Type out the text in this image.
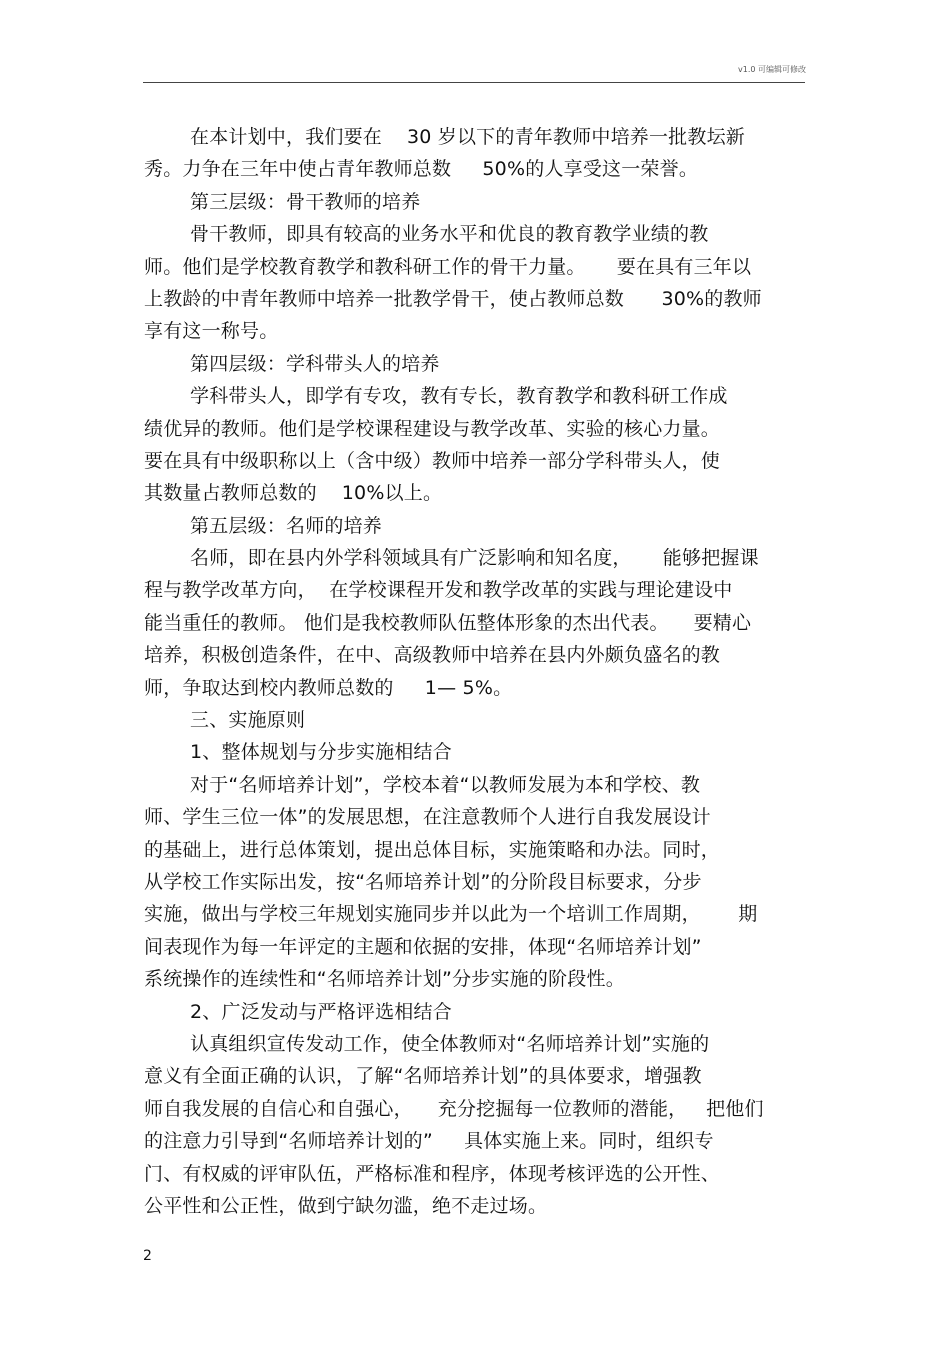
v1.0 可编辑可修改
在本计划中，我们要在    30 岁以下的青年教师中培养一批教坛新
秀。力争在三年中使占青年教师总数     50%的人享受这一荣誉。
第三层级：骨干教师的培养
骨干教师，即具有较高的业务水平和优良的教育教学业绩的教
师。他们是学校教育教学和教科研工作的骨干力量。     要在具有三年以
上教龄的中青年教师中培养一批教学骨干，使占教师总数      30%的教师
享有这一称号。
第四层级：学科带头人的培养
学科带头人，即学有专攻，教有专长，教育教学和教科研工作成
绩优异的教师。他们是学校课程建设与教学改革、实验的核心力量。
要在具有中级职称以上（含中级）教师中培养一部分学科带头人，使
其数量占教师总数的    10%以上。
第五层级：名师的培养
名师，即在县内外学科领域具有广泛影响和知名度，     能够把握课
程与教学改革方向，  在学校课程开发和教学改革的实践与理论建设中
能当重任的教师。 他们是我校教师队伍整体形象的杰出代表。    要精心
培养，积极创造条件，在中、高级教师中培养在县内外颇负盛名的教
师，争取达到校内教师总数的     1— 5%。
三、实施原则
1、整体规划与分步实施相结合
对于“名师培养计划”，学校本着“以教师发展为本和学校、教
师、学生三位一体”的发展思想，在注意教师个人进行自我发展设计
的基础上，进行总体策划，提出总体目标，实施策略和办法。同时，
从学校工作实际出发，按“名师培养计划”的分阶段目标要求，分步
实施，做出与学校三年规划实施同步并以此为一个培训工作周期，      期
间表现作为每一年评定的主题和依据的安排，体现“名师培养计划”
系统操作的连续性和“名师培养计划”分步实施的阶段性。
2、广泛发动与严格评选相结合
认真组织宣传发动工作，使全体教师对“名师培养计划”实施的
意义有全面正确的认识，了解“名师培养计划”的具体要求，增强教
师自我发展的自信心和自强心，    充分挖掘每一位教师的潜能，   把他们
的注意力引导到“名师培养计划的”     具体实施上来。同时，组织专
门、有权威的评审队伍，严格标准和程序，体现考核评选的公开性、
公平性和公正性，做到宁缺勿滥，绝不走过场。
2
